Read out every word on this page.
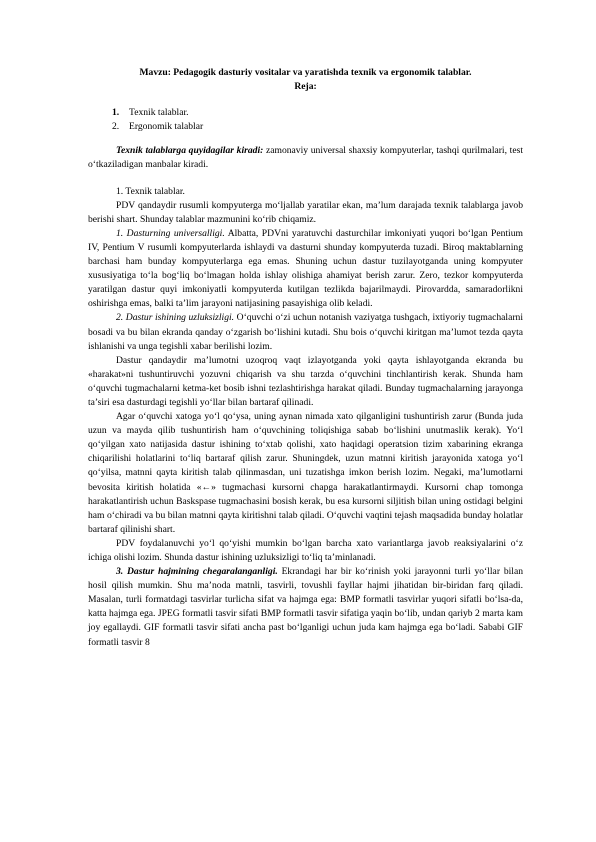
Mavzu: Pedagogik dasturiy vositalar va yaratishda texnik va ergonomik talablar.
Reja:
1. Texnik talablar.
2. Ergonomik talablar

Texnik talablarga quyidagilar kiradi: zamonaviy universal shaxsiy kompyuterlar, tashqi qurilmalari, test o‘tkaziladigan manbalar kiradi.

1. Texnik talablar.

PDV qandaydir rusumli kompyuterga mo‘ljallab yaratilar ekan, ma’lum darajada texnik talablarga javob berishi shart. Shunday talablar mazmunini ko‘rib chiqamiz.

1. Dasturning universalligi. Albatta, PDVni yaratuvchi dasturchilar imkoniyati yuqori bo‘lgan Pentium IV, Pentium V rusumli kompyuterlarda ishlaydi va dasturni shunday kompyuterda tuzadi. Biroq maktablarning barchasi ham bunday kompyuterlarga ega emas. Shuning uchun dastur tuzilayotganda uning kompyuter xususiyatiga to‘la bog‘liq bo‘lmagan holda ishlay olishiga ahamiyat berish zarur. Zero, tezkor kompyuterda yaratilgan dastur quyi imkoniyatli kompyuterda kutilgan tezlikda bajarilmaydi. Pirovardda, samaradorlikni oshirishga emas, balki ta’lim jarayoni natijasining pasayishiga olib keladi.

2. Dastur ishining uzluksizligi. O‘quvchi o‘zi uchun notanish vaziyatga tushgach, ixtiyoriy tugmachalarni bosadi va bu bilan ekranda qanday o‘zgarish bo‘lishini kutadi. Shu bois o‘quvchi kiritgan ma’lumot tezda qayta ishlanishi va unga tegishli xabar berilishi lozim.

Dastur qandaydir ma’lumotni uzoqroq vaqt izlayotganda yoki qayta ishlayotganda ekranda bu «harakat»ni tushuntiruvchi yozuvni chiqarish va shu tarzda o‘quvchini tinchlantirish kerak. Shunda ham o‘quvchi tugmachalarni ketma-ket bosib ishni tezlashtirishga harakat qiladi. Bunday tugmachalarning jarayonga ta’siri esa dasturdagi tegishli yo‘llar bilan bartaraf qilinadi.

Agar o‘quvchi xatoga yo‘l qo‘ysa, uning aynan nimada xato qilganligini tushuntirish zarur (Bunda juda uzun va mayda qilib tushuntirish ham o‘quvchining toliqishiga sabab bo‘lishini unutmaslik kerak). Yo‘l qo‘yilgan xato natijasida dastur ishining to‘xtab qolishi, xato haqidagi operatsion tizim xabarining ekranga chiqarilishi holatlarini to‘liq bartaraf qilish zarur. Shuningdek, uzun matnni kiritish jarayonida xatoga yo‘l qo‘yilsa, matnni qayta kiritish talab qilinmasdan, uni tuzatishga imkon berish lozim. Negaki, ma’lumotlarni bevosita kiritish holatida «←» tugmachasi kursorni chapga harakatlantirmaydi. Kursorni chap tomonga harakatlantirish uchun Baskspase tugmachasini bosish kerak, bu esa kursorni siljitish bilan uning ostidagi belgini ham o‘chiradi va bu bilan matnni qayta kiritishni talab qiladi. O‘quvchi vaqtini tejash maqsadida bunday holatlar bartaraf qilinishi shart.

PDV foydalanuvchi yo‘l qo‘yishi mumkin bo‘lgan barcha xato variantlarga javob reaksiyalarini o‘z ichiga olishi lozim. Shunda dastur ishining uzluksizligi to‘liq ta’minlanadi.

3. Dastur hajmining chegaralanganligi. Ekrandagi har bir ko‘rinish yoki jarayonni turli yo‘llar bilan hosil qilish mumkin. Shu ma’noda matnli, tasvirli, tovushli fayllar hajmi jihatidan bir-biridan farq qiladi. Masalan, turli formatdagi tasvirlar turlicha sifat va hajmga ega: BMP formatli tasvirlar yuqori sifatli bo‘lsa-da, katta hajmga ega. JPEG formatli tasvir sifati BMP formatli tasvir sifatiga yaqin bo‘lib, undan qariyb 2 marta kam joy egallaydi. GIF formatli tasvir sifati ancha past bo‘lganligi uchun juda kam hajmga ega bo‘ladi. Sababi GIF formatli tasvir 8
